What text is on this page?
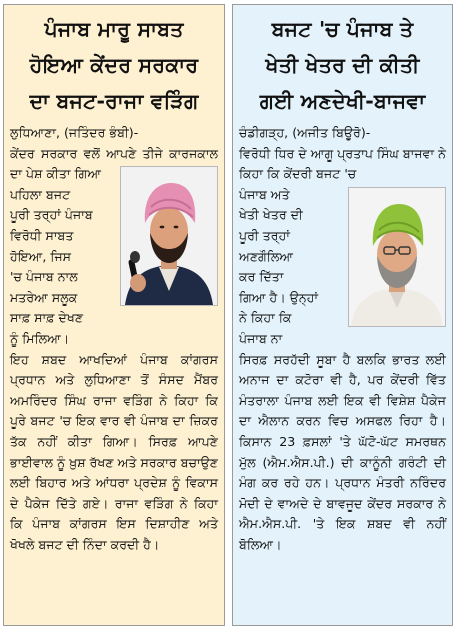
ਪੰਜਾਬ ਮਾਰੂ ਸਾਬਤ
ਹੋਇਆ ਕੇਂਦਰ ਸਰਕਾਰ
ਦਾ ਬਜਟ-ਰਾਜਾ ਵੜਿੰਗ
ਲੁਧਿਆਣਾ, (ਜਤਿੰਦਰ ਭੰਬੀ)-
ਕੇਂਦਰ ਸਰਕਾਰ ਵਲੋਂ ਆਪਣੇ ਤੀਜੇ ਕਾਰਜਕਾਲ ਦਾ ਪੇਸ਼ ਕੀਤਾ ਗਿਆ
ਪਹਿਲਾ ਬਜਟ
ਪੂਰੀ ਤਰ੍ਹਾਂ ਪੰਜਾਬ
ਵਿਰੋਧੀ ਸਾਬਤ
ਹੋਇਆ, ਜਿਸ
'ਚ ਪੰਜਾਬ ਨਾਲ
ਮਤਰੇਆ ਸਲੂਕ
ਸਾਫ਼ ਸਾਫ਼ ਦੇਖਣ
ਨੂੰ ਮਿਲਿਆ।
ਇਹ ਸ਼ਬਦ ਆਖਦਿਆਂ ਪੰਜਾਬ ਕਾਂਗਰਸ ਪ੍ਰਧਾਨ ਅਤੇ ਲੁਧਿਆਣਾ ਤੋਂ ਸੰਸਦ ਮੈਂਬਰ ਅਮਰਿੰਦਰ ਸਿੰਘ ਰਾਜਾ ਵੜਿੰਗ ਨੇ ਕਿਹਾ ਕਿ ਪੂਰੇ ਬਜਟ 'ਚ ਇਕ ਵਾਰ ਵੀ ਪੰਜਾਬ ਦਾ ਜ਼ਿਕਰ ਤੱਕ ਨਹੀਂ ਕੀਤਾ ਗਿਆ। ਸਿਰਫ਼ ਆਪਣੇ ਭਾਈਵਾਲ ਨੂੰ ਖ਼ੁਸ਼ ਰੱਖਣ ਅਤੇ ਸਰਕਾਰ ਬਚਾਉਣ ਲਈ ਬਿਹਾਰ ਅਤੇ ਆਂਧਰਾ ਪ੍ਰਦੇਸ਼ ਨੂੰ ਵਿਕਾਸ ਦੇ ਪੈਕੇਜ ਦਿੱਤੇ ਗਏ। ਰਾਜਾ ਵੜਿੰਗ ਨੇ ਕਿਹਾ ਕਿ ਪੰਜਾਬ ਕਾਂਗਰਸ ਇਸ ਦਿਸ਼ਾਹੀਣ ਅਤੇ ਖੋਖਲੇ ਬਜਟ ਦੀ ਨਿੰਦਾ ਕਰਦੀ ਹੈ।
ਬਜਟ 'ਚ ਪੰਜਾਬ ਤੇ
ਖੇਤੀ ਖੇਤਰ ਦੀ ਕੀਤੀ
ਗਈ ਅਣਦੇਖੀ-ਬਾਜਵਾ
ਚੰਡੀਗੜ੍ਹ, (ਅਜੀਤ ਬਿਊਰੋ)-
ਵਿਰੋਧੀ ਧਿਰ ਦੇ ਆਗੂ ਪ੍ਰਤਾਪ ਸਿੰਘ ਬਾਜਵਾ ਨੇ ਕਿਹਾ ਕਿ ਕੇਂਦਰੀ ਬਜਟ 'ਚ
ਪੰਜਾਬ ਅਤੇ
ਖੇਤੀ ਖੇਤਰ ਦੀ
ਪੂਰੀ ਤਰ੍ਹਾਂ
ਅਣਗੌਲਿਆ
ਕਰ ਦਿੱਤਾ
ਗਿਆ ਹੈ। ਉਨ੍ਹਾਂ
ਨੇ ਕਿਹਾ ਕਿ
ਪੰਜਾਬ ਨਾ
ਸਿਰਫ਼ ਸਰਹੱਦੀ ਸੂਬਾ ਹੈ ਬਲਕਿ ਭਾਰਤ ਲਈ ਅਨਾਜ ਦਾ ਕਟੋਰਾ ਵੀ ਹੈ, ਪਰ ਕੇਂਦਰੀ ਵਿੱਤ ਮੰਤਰਾਲਾ ਪੰਜਾਬ ਲਈ ਇਕ ਵੀ ਵਿਸ਼ੇਸ਼ ਪੈਕੇਜ ਦਾ ਐਲਾਨ ਕਰਨ ਵਿਚ ਅਸਫਲ ਰਿਹਾ ਹੈ। ਕਿਸਾਨ 23 ਫ਼ਸਲਾਂ 'ਤੇ ਘੱਟੋ-ਘੱਟ ਸਮਰਥਨ ਮੁੱਲ (ਐਮ.ਐਸ.ਪੀ.) ਦੀ ਕਾਨੂੰਨੀ ਗਰੰਟੀ ਦੀ ਮੰਗ ਕਰ ਰਹੇ ਹਨ। ਪ੍ਰਧਾਨ ਮੰਤਰੀ ਨਰਿੰਦਰ ਮੋਦੀ ਦੇ ਵਾਅਦੇ ਦੇ ਬਾਵਜੂਦ ਕੇਂਦਰ ਸਰਕਾਰ ਨੇ ਐਮ.ਐਸ.ਪੀ. 'ਤੇ ਇਕ ਸ਼ਬਦ ਵੀ ਨਹੀਂ ਬੋਲਿਆ।
